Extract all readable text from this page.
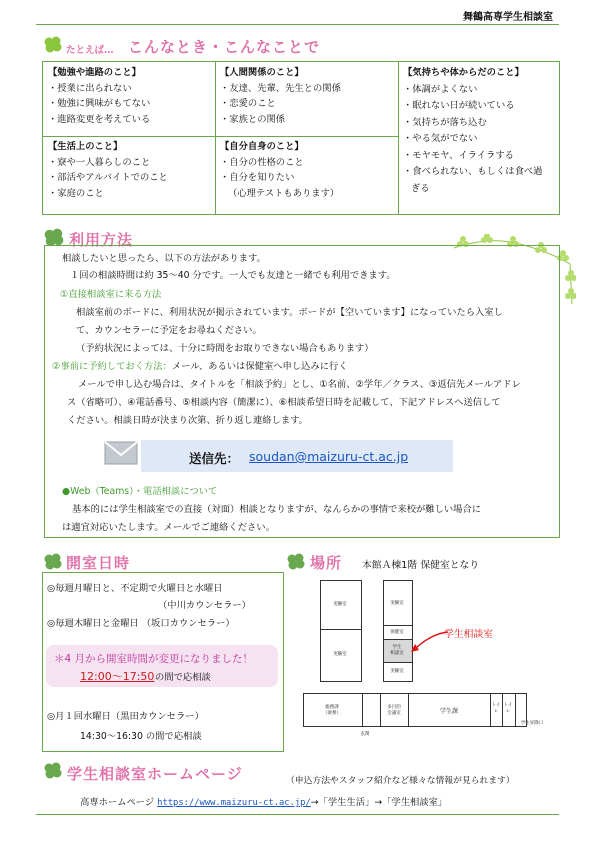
舞鶴高専学生相談室
たとえば… こんなとき・こんなことで
【勉強や進路のこと】
・授業に出られない
・勉強に興味がもてない
・進路変更を考えている
【生活上のこと】
・寮や一人暮らしのこと
・部活やアルバイトでのこと
・家庭のこと
【人間関係のこと】
・友達、先輩、先生との関係
・恋愛のこと
・家族との関係
【自分自身のこと】
・自分の性格のこと
・自分を知りたい
（心理テストもあります）
【気持ちや体からだのこと】
・体調がよくない
・眠れない日が続いている
・気持ちが落ち込む
・やる気がでない
・モヤモヤ、イライラする
・食べられない、もしくは食べ過
ぎる
利用方法
相談したいと思ったら、以下の方法があります。
１回の相談時間は約 35～40 分です。一人でも友達と一緒でも利用できます。
①直接相談室に来る方法
相談室前のボードに、利用状況が掲示されています。ボードが【空いています】になっていたら入室し
て、カウンセラーに予定をお尋ねください。
（予約状況によっては、十分に時間をお取りできない場合もあります）
②事前に予約しておく方法：メール、あるいは保健室へ申し込みに行く
メールで申し込む場合は、タイトルを「相談予約」とし、①名前、②学年／クラス、③返信先メールアドレ
ス（省略可）、④電話番号、⑤相談内容（簡潔に）、⑥相談希望日時を記載して、下記アドレスへ送信して
ください。相談日時が決まり次第、折り返し連絡します。
送信先： soudan@maizuru-ct.ac.jp
●Web（Teams）・電話相談について
基本的には学生相談室での直接（対面）相談となりますが、なんらかの事情で来校が難しい場合に
は適宜対応いたします。メールでご連絡ください。
開室日時
◎毎週月曜日と、不定期で火曜日と水曜日
（中川カウンセラー）
◎毎週木曜日と金曜日 （坂口カウンセラー）
＊4 月から開室時間が変更になりました！
12:00～17:50 の間で応相談
◎月１回水曜日（黒田カウンセラー）
14:30～16:30 の間で応相談
場所 本館Ａ棟1階 保健室となり
実験室
実験室
実験室
保健室
学生
相談室
実験室
総務課
（財務）
多目的
会議室	学生課
トイレ
トイレ
学生昇降口
玄関
学生相談室
学生相談室ホームページ	（申込方法やスタッフ紹介など様々な情報が見られます）
高専ホームページ https://www.maizuru-ct.ac.jp/→「学生生活」→「学生相談室」
